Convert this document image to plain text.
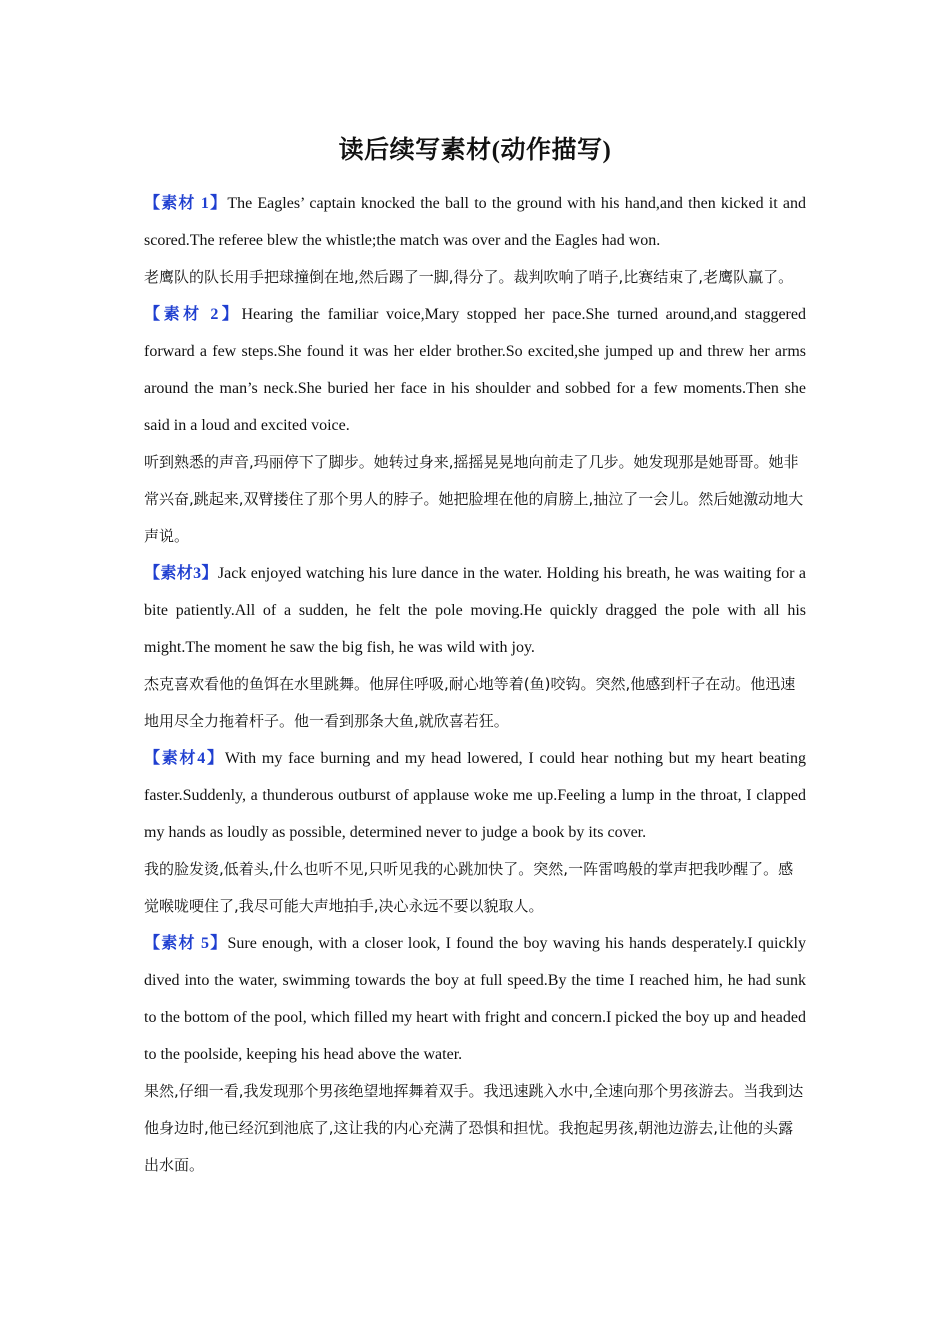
读后续写素材(动作描写)

【素材 1】The Eagles’ captain knocked the ball to the ground with his hand,and then kicked it and scored.The referee blew the whistle;the match was over and the Eagles had won.

老鹰队的队长用手把球撞倒在地,然后踢了一脚,得分了。裁判吹响了哨子,比赛结束了,老鹰队赢了。

【素材 2】Hearing the familiar voice,Mary stopped her pace.She turned around,and staggered forward a few steps.She found it was her elder brother.So excited,she jumped up and threw her arms around the man’s neck.She buried her face in his shoulder and sobbed for a few moments.Then she said in a loud and excited voice.

听到熟悉的声音,玛丽停下了脚步。她转过身来,摇摇晃晃地向前走了几步。她发现那是她哥哥。她非常兴奋,跳起来,双臂搂住了那个男人的脖子。她把脸埋在他的肩膀上,抽泣了一会儿。然后她激动地大声说。

【素材3】Jack enjoyed watching his lure dance in the water. Holding his breath, he was waiting for a bite patiently.All of a sudden, he felt the pole moving.He quickly dragged the pole with all his might.The moment he saw the big fish, he was wild with joy.

杰克喜欢看他的鱼饵在水里跳舞。他屏住呼吸,耐心地等着(鱼)咬钩。突然,他感到杆子在动。他迅速地用尽全力拖着杆子。他一看到那条大鱼,就欣喜若狂。

【素材4】With my face burning and my head lowered, I could hear nothing but my heart beating faster.Suddenly, a thunderous outburst of applause woke me up.Feeling a lump in the throat, I clapped my hands as loudly as possible, determined never to judge a book by its cover.

我的脸发烫,低着头,什么也听不见,只听见我的心跳加快了。突然,一阵雷鸣般的掌声把我吵醒了。感觉喉咙哽住了,我尽可能大声地拍手,决心永远不要以貌取人。

【素材 5】Sure enough, with a closer look, I found the boy waving his hands desperately.I quickly dived into the water, swimming towards the boy at full speed.By the time I reached him, he had sunk to the bottom of the pool, which filled my heart with fright and concern.I picked the boy up and headed to the poolside, keeping his head above the water.

果然,仔细一看,我发现那个男孩绝望地挥舞着双手。我迅速跳入水中,全速向那个男孩游去。当我到达他身边时,他已经沉到池底了,这让我的内心充满了恐惧和担忧。我抱起男孩,朝池边游去,让他的头露出水面。
